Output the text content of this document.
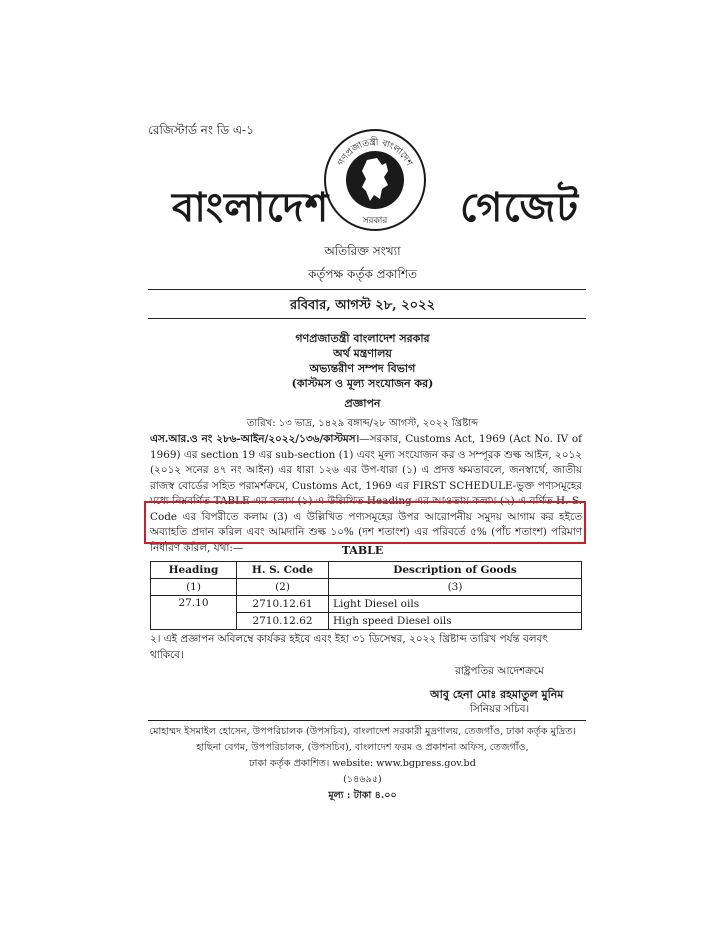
রেজিস্টার্ড নং ডি এ-১
বাংলাদেশ
গণপ্রজাতন্ত্রী বাংলাদেশ
সরকার গেজেট
অতিরিক্ত সংখ্যা
কর্তৃপক্ষ কর্তৃক প্রকাশিত
রবিবার, আগস্ট ২৮, ২০২২
গণপ্রজাতন্ত্রী বাংলাদেশ সরকার
অর্থ মন্ত্রণালয়
অভ্যন্তরীণ সম্পদ বিভাগ
(কাস্টমস ও মূল্য সংযোজন কর)
প্রজ্ঞাপন
তারিখ: ১৩ ভাদ্র, ১৪২৯ বঙ্গাব্দ/২৮ আগস্ট, ২০২২ খ্রিষ্টাব্দ
এস.আর.ও নং ২৮৬-আইন/২০২২/১৩৬/কাস্টমস।—সরকার, Customs Act, 1969 (Act No. IV of 1969) এর section 19 এর sub-section (1) এবং মূল্য সংযোজন কর ও সম্পূরক শুল্ক আইন, ২০১২ (২০১২ সনের ৪৭ নং আইন) এর ধারা ১২৬ এর উপ-ধারা (১) এ প্রদত্ত ক্ষমতাবলে, জনস্বার্থে, জাতীয় রাজস্ব বোর্ডের সহিত পরামর্শক্রমে, Customs Act, 1969 এর FIRST SCHEDULE-ভুক্ত পণ্যসমূহের মধ্যে নিম্নবর্ণিত TABLE এর কলাম (১) এ উল্লিখিত Heading এর আওতায় কলাম (২) এ বর্ণিত H. S. Code এর বিপরীতে কলাম (3) এ উল্লিখিত পণ্যসমূহের উপর আরোপনীয় সমুদয় আগাম কর হইতে অব্যাহতি প্রদান করিল এবং আমদানি শুল্ক ১০% (দশ শতাংশ) এর পরিবর্তে ৫% (পাঁচ শতাংশ) পরিমাণ নির্ধারণ করিল, যথা:—	TABLE
Heading	H. S. Code	Description of Goods
(1)	(2)	(3)
27.10	2710.12.61	Light Diesel oils
	2710.12.62	High speed Diesel oils
২। এই প্রজ্ঞাপন অবিলম্বে কার্যকর হইবে এবং ইহা ৩১ ডিসেম্বর, ২০২২ খ্রিষ্টাব্দ তারিখ পর্যন্ত বলবৎ থাকিবে।
রাষ্ট্রপতির আদেশক্রমে
আবু হেনা মোঃ রহমাতুল মুনিম
সিনিয়র সচিব।
মোহাম্মদ ইসমাইল হোসেন, উপপরিচালক (উপসচিব), বাংলাদেশ সরকারী মুদ্রণালয়, তেজগাঁও, ঢাকা কর্তৃক মুদ্রিত।
হাছিনা বেগম, উপপরিচালক, (উপসচিব), বাংলাদেশ ফরম ও প্রকাশনা অফিস, তেজগাঁও,
ঢাকা কর্তৃক প্রকাশিত। website: www.bgpress.gov.bd
(১৪৬৯৫)
মূল্য : টাকা ৪.০০
